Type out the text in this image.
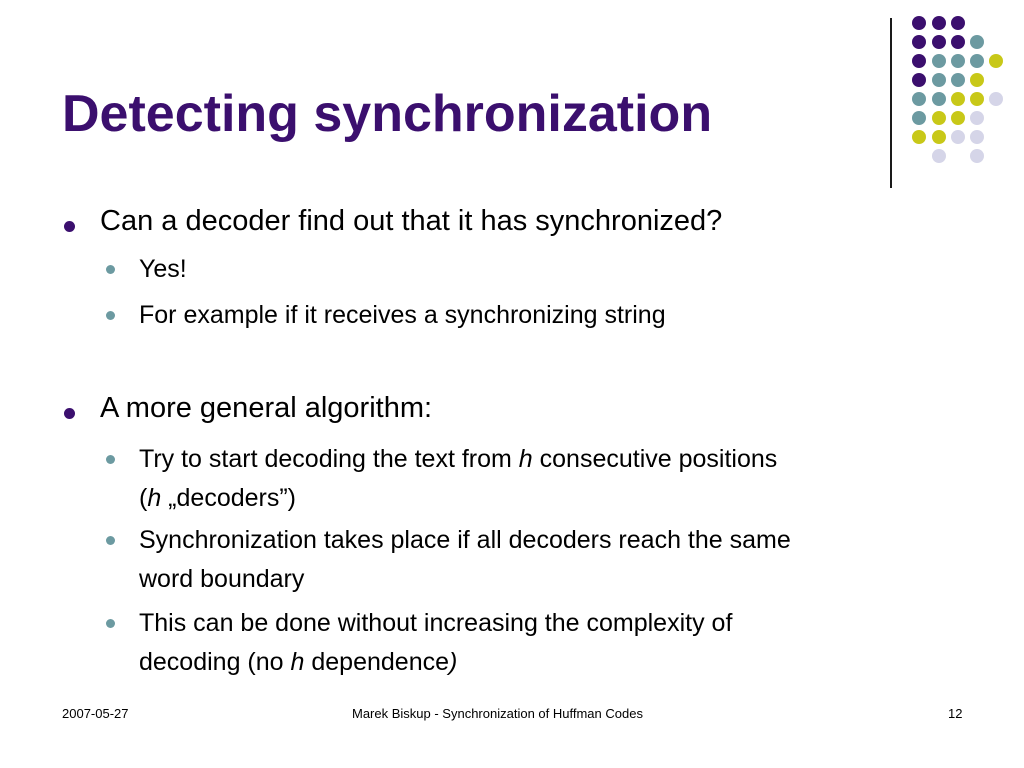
Detecting synchronization
Can a decoder find out that it has synchronized?
Yes!
For example if it receives a synchronizing string
A more general algorithm:
Try to start decoding the text from h consecutive positions
(h „decoders”)
Synchronization takes place if all decoders reach the same
word boundary
This can be done without increasing the complexity of
decoding (no h dependence)
2007-05-27	Marek Biskup - Synchronization of Huffman Codes	12
